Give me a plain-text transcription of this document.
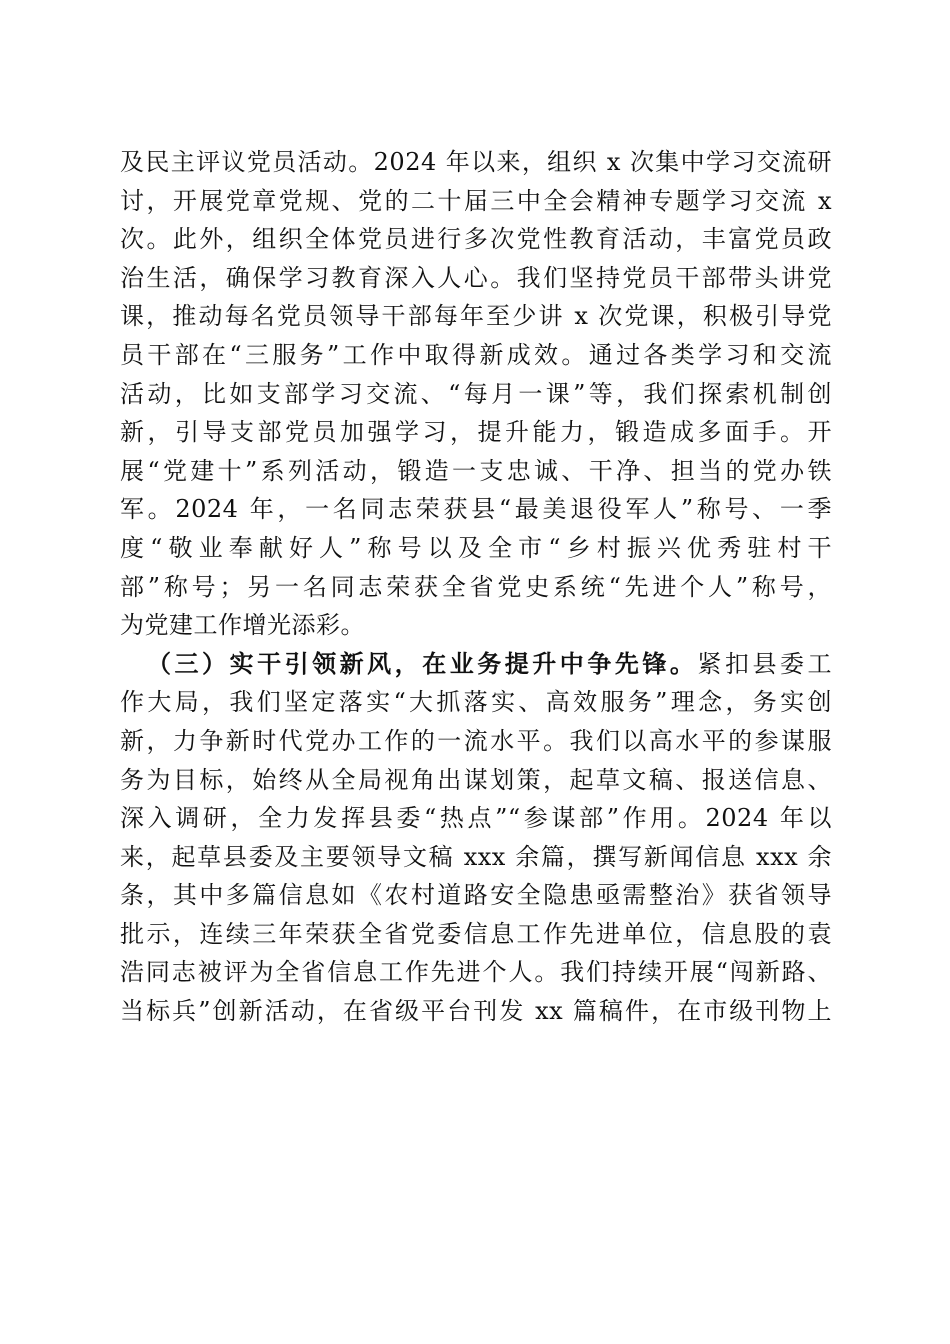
及民主评议党员活动。2024 年以来，组织 x 次集中学习交流研
讨，开展党章党规、党的二十届三中全会精神专题学习交流 x
次。此外，组织全体党员进行多次党性教育活动，丰富党员政
治生活，确保学习教育深入人心。我们坚持党员干部带头讲党
课，推动每名党员领导干部每年至少讲 x 次党课，积极引导党
员干部在“三服务”工作中取得新成效。通过各类学习和交流
活动，比如支部学习交流、“每月一课”等，我们探索机制创
新，引导支部党员加强学习，提升能力，锻造成多面手。开
展“党建十”系列活动，锻造一支忠诚、干净、担当的党办铁
军。2024 年，一名同志荣获县“最美退役军人”称号、一季
度“敬业奉献好人”称号以及全市“乡村振兴优秀驻村干
部”称号；另一名同志荣获全省党史系统“先进个人”称号，
为党建工作增光添彩。
（三）实干引领新风，在业务提升中争先锋。紧扣县委工
作大局，我们坚定落实“大抓落实、高效服务”理念，务实创
新，力争新时代党办工作的一流水平。我们以高水平的参谋服
务为目标，始终从全局视角出谋划策，起草文稿、报送信息、
深入调研，全力发挥县委“热点”“参谋部”作用。2024 年以
来，起草县委及主要领导文稿 xxx 余篇，撰写新闻信息 xxx 余
条，其中多篇信息如《农村道路安全隐患亟需整治》获省领导
批示，连续三年荣获全省党委信息工作先进单位，信息股的袁
浩同志被评为全省信息工作先进个人。我们持续开展“闯新路、
当标兵”创新活动，在省级平台刊发 xx 篇稿件，在市级刊物上
